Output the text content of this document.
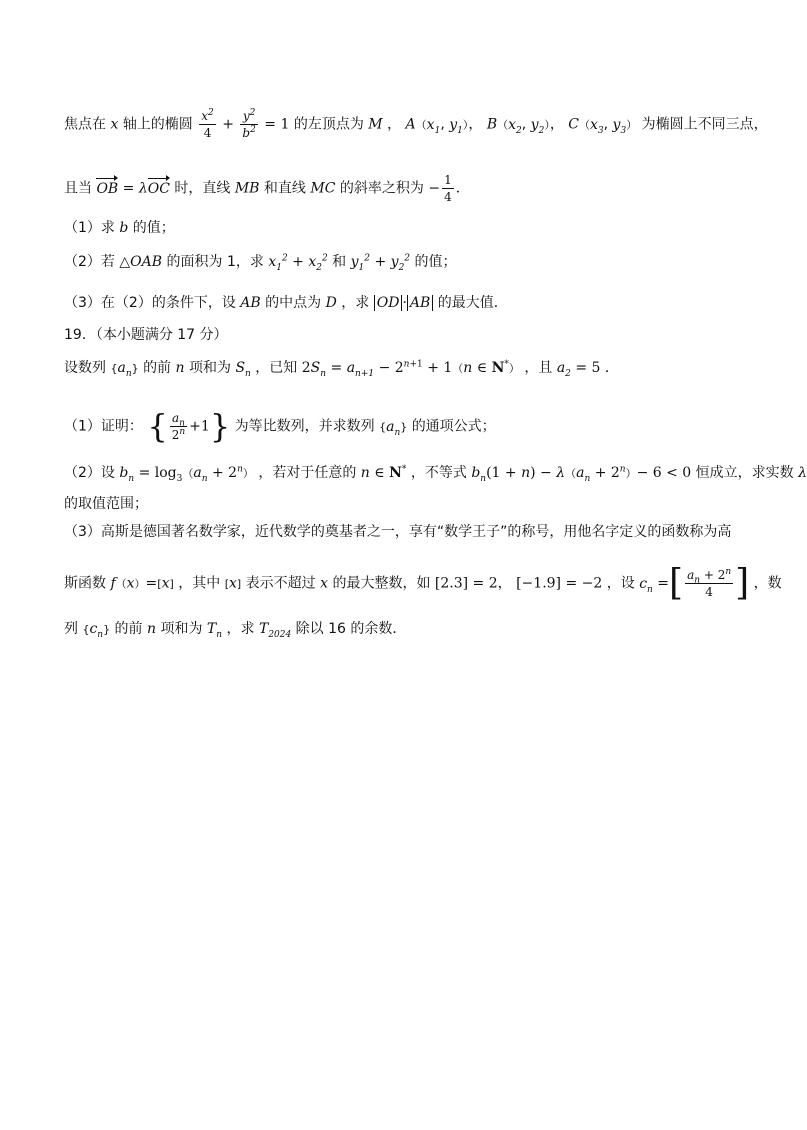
焦点在 x 轴上的椭圆 $\frac{x^2}{4} + \frac{y^2}{b^2} = 1$ 的左顶点为 M ， $A(x_1$, $y_1$）， $B(x_2$, $y_2$）， $C(x_3$, $y_3$） 为椭圆上不同三点，
且当 OB = λOC 时，直线 MB 和直线 MC 的斜率之积为 − $\frac{1}{4}$ ．
（1）求 b 的值；
（2）若 △OAB 的面积为 1，求 $x_1^2 + x_2^2$ 和 $y_1^2 + y_2^2$ 的值；
（3）在（2）的条件下，设 AB 的中点为 D ，求 OD · AB 的最大值．
19．（本小题满分 17 分）
设数列 $\{a_n\}$ 的前 n 项和为 $S_n$ ，已知 $2S_n = a_{n+1} - 2^{n+1} + 1(n$ ∈ N*） ，且 $a_2 = 5$ ．
（1）证明： { $\frac{a_n}{2^n} +1$} 为等比数列，并求数列 $\{a_n\}$ 的通项公式；
（2）设 $b_n = \log_3(a_n + 2^n)$ ，若对于任意的 n ∈ N* ，不等式 $b_n(1 + n) - \lambda(a_n + 2^n)- 6 < 0$ 恒成立，求实数 λ
的取值范围；
（3）高斯是德国著名数学家，近代数学的奠基者之一，享有“数学王子”的称号，用他名字定义的函数称为高
斯函数 f（x）=[x] ，其中 [x] 表示不超过 x 的最大整数，如 [2.3] = 2， [−1.9] = −2 ，设 $c_n$ =[ $\frac{a_n + 2^n}{4}$ ] ，数
列 $\{c_n\}$ 的前 n 项和为 $T_n$ ，求 $T_{2024}$ 除以 16 的余数．
